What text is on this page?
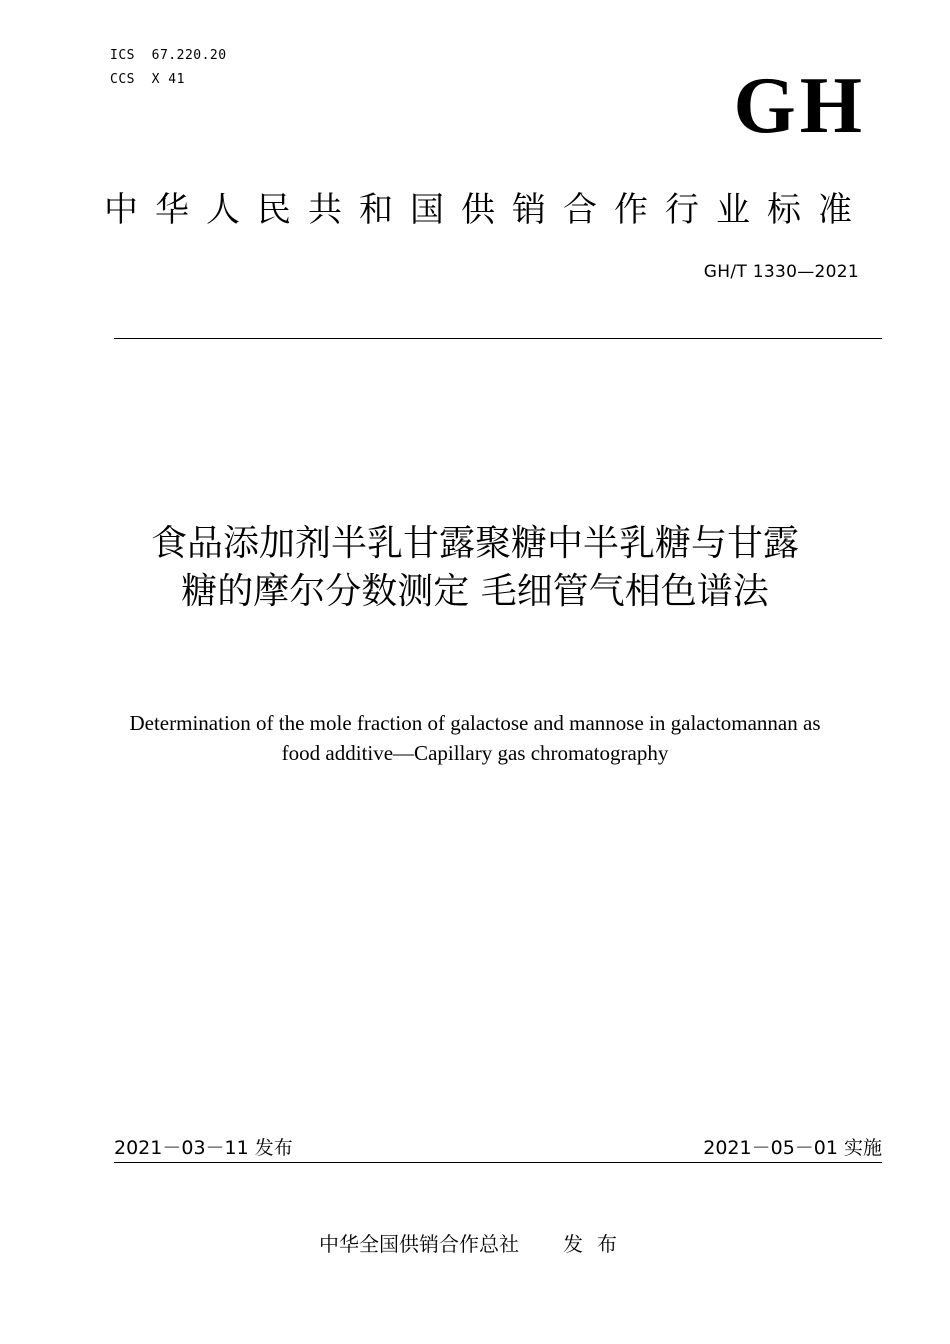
ICS  67.220.20
CCS  X 41	GH
中华人民共和国供销合作行业标准
GH/T 1330—2021
食品添加剂半乳甘露聚糖中半乳糖与甘露
糖的摩尔分数测定 毛细管气相色谱法
Determination of the mole fraction of galactose and mannose in galactomannan as
food additive—Capillary gas chromatography
2021－03－11 发布	2021－05－01 实施
中华全国供销合作总社 发布
